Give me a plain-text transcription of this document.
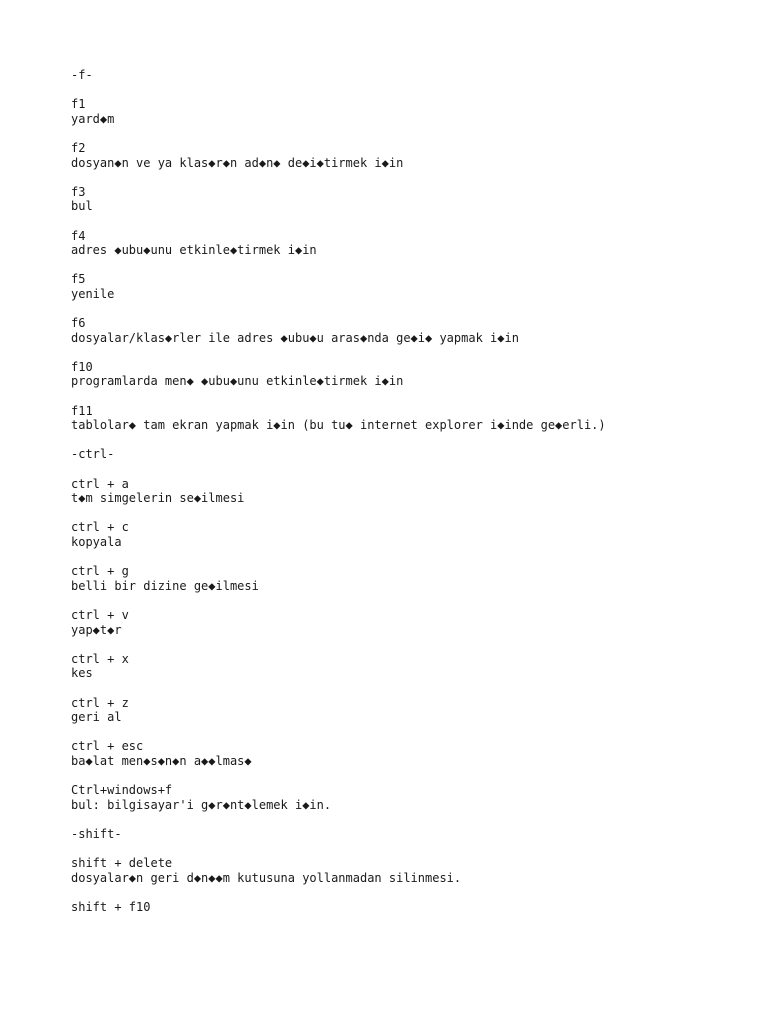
-f-
f1
yard◆m
f2
dosyan◆n ve ya klas◆r◆n ad◆n◆ de◆i◆tirmek i◆in
f3
bul
f4
adres ◆ubu◆unu etkinle◆tirmek i◆in
f5
yenile
f6
dosyalar/klas◆rler ile adres ◆ubu◆u aras◆nda ge◆i◆ yapmak i◆in
f10
programlarda men◆ ◆ubu◆unu etkinle◆tirmek i◆in
f11
tablolar◆ tam ekran yapmak i◆in (bu tu◆ internet explorer i◆inde ge◆erli.)
-ctrl-
ctrl + a
t◆m simgelerin se◆ilmesi
ctrl + c
kopyala
ctrl + g
belli bir dizine ge◆ilmesi
ctrl + v
yap◆t◆r
ctrl + x
kes
ctrl + z
geri al
ctrl + esc
ba◆lat men◆s◆n◆n a◆◆lmas◆
Ctrl+windows+f
bul: bilgisayar'i g◆r◆nt◆lemek i◆in.
-shift-
shift + delete
dosyalar◆n geri d◆n◆◆m kutusuna yollanmadan silinmesi.
shift + f10
